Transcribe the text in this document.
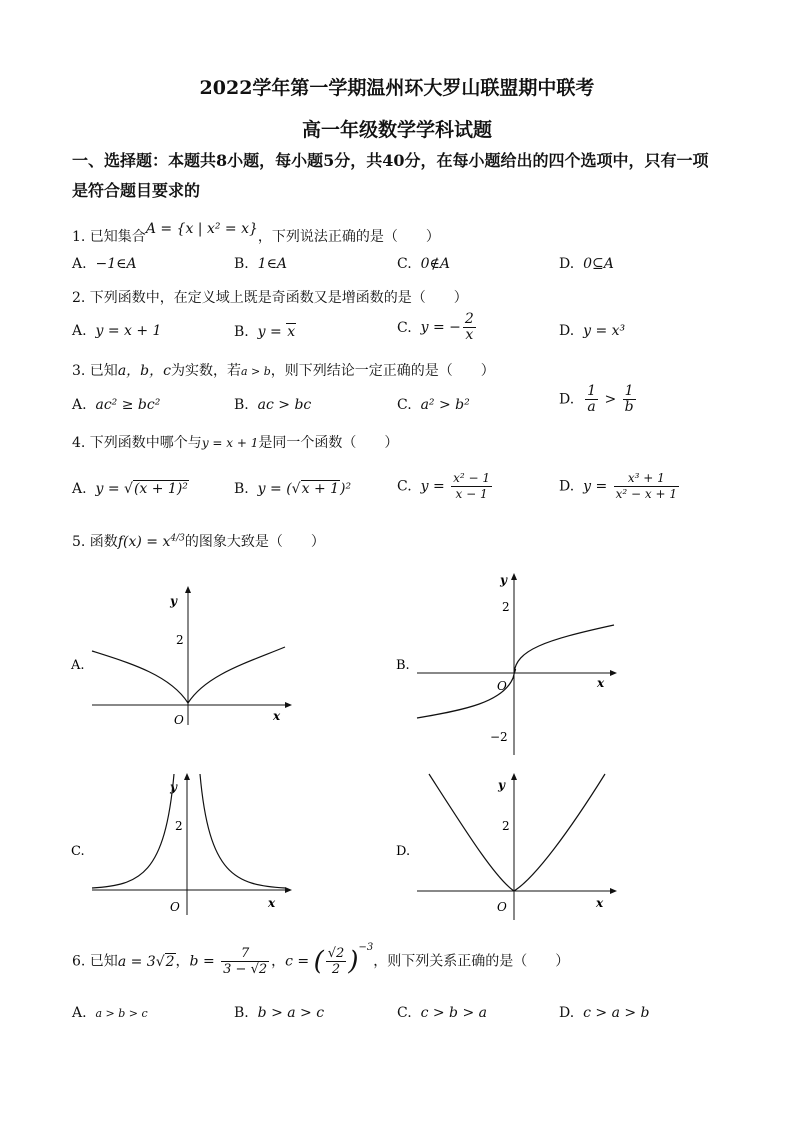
2022学年第一学期温州环大罗山联盟期中联考
高一年级数学学科试题
一、选择题：本题共8小题，每小题5分，共40分，在每小题给出的四个选项中，只有一项
是符合题目要求的
1. 已知集合A = {x | x² = x}，下列说法正确的是（　　）
A. −1∈A	B. 1∈A	C. 0∉A	D. 0⊆A
2. 下列函数中，在定义域上既是奇函数又是增函数的是（　　）
A. y = x + 1	B. y = x	C. y = − $\frac{2}{x}$	D. y = x³
3. 已知a，b，c为实数，若a > b，则下列结论一定正确的是（　　）
A. ac² ≥ bc²	B. ac > bc	C. a² > b²	D. $\frac{1}{a} > \frac{1}{b}$
4. 下列函数中哪个与y = x + 1是同一个函数（　　）
A. y = √(x + 1)²	B. y = (√x + 1)²	C. $y = \frac{\text{x² − 1}}{x - 1}$	D. $y = \frac{\text{x³ + 1}}{\text{x² − x + 1}}$
5. 函数$f(x) = x^{4/3}$的图象大致是（　　）
A.
y
x
O
2
B.
y
x
O
2
−2
C.
y
x
O
2
D.
y
x
O
2
6. 已知a = 3√2，$b = \frac{7}{3 - √2}$ ，c = ( $\frac{√2}{2} )^{-3}$，则下列关系正确的是（　　）
A. a > b > c	B. b > a > c	C. c > b > a	D. c > a > b
